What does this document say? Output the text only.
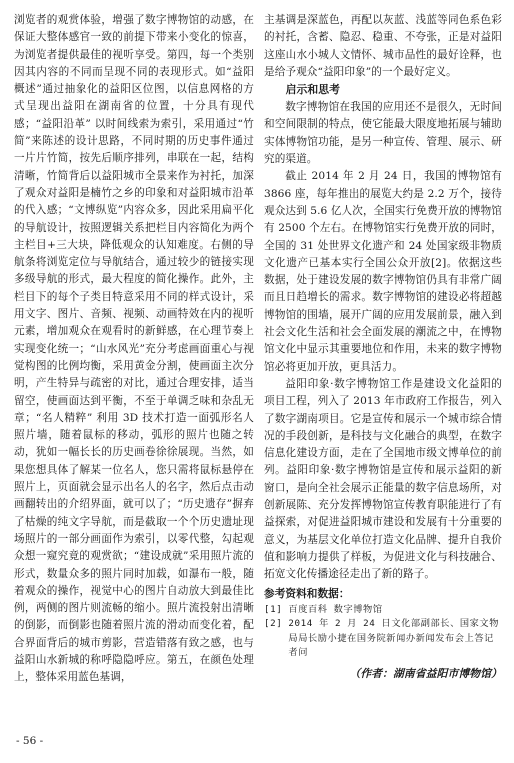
浏览者的观赏体验，增强了数字博物馆的动感，在保证大整体感官一致的前提下带来小变化的惊喜，为浏览者提供最佳的视听享受。第四，每一个类别因其内容的不同而呈现不同的表现形式。如“益阳概述”通过抽象化的益阳区位图，以信息网格的方式呈现出益阳在湖南省的位置，十分具有现代感；“益阳沿革” 以时间线索为索引，采用通过“竹简”来陈述的设计思路，不同时期的历史事件通过一片片竹简，按先后顺序排列，串联在一起，结构清晰，竹简背后以益阳城市全景来作为衬托，加深了观众对益阳是楠竹之乡的印象和对益阳城市沿革的代入感；“文博纵览”内容众多，因此采用扁平化的导航设计，按照逻辑关系把栏目内容简化为两个主栏目+三大块，降低观众的认知难度。右侧的导航条将浏览定位与导航结合，通过较少的链接实现多级导航的形式，最大程度的简化操作。此外，主栏目下的每个子类目特意采用不同的样式设计，采用文字、图片、音频、视频、动画特效在内的视听元素，增加观众在观看时的新鲜感，在心理节奏上实现变化统一；“山水风光”充分考虑画面重心与视觉构图的比例均衡，采用黄金分割，使画面主次分明，产生特异与疏密的对比，通过合理安排，适当留空，使画面达到平衡，不至于单调乏味和杂乱无章；“名人精粹” 利用 3D 技术打造一面弧形名人照片墙，随着鼠标的移动，弧形的照片也随之转动，犹如一幅长长的历史画卷徐徐展现。当然，如果您想具体了解某一位名人，您只需将鼠标悬停在照片上，页面就会显示出名人的名字，然后点击动画翻转出的介绍界面，就可以了；“历史遗存”摒弃了枯燥的纯文字导航，而是截取一个个历史遗址现场照片的一部分画面作为索引，以零代整，勾起观众想一窥究竟的观赏欲；“建设成就”采用照片流的形式，数量众多的照片同时加载，如瀑布一般，随着观众的操作，视觉中心的图片自动放大到最佳比例，两侧的图片则流畅的缩小。照片流投射出清晰的倒影，而倒影也随着照片流的滑动而变化着，配合界面背后的城市剪影，营造错落有致之感，也与益阳山水新城的称呼隐隐呼应。第五，在颜色处理上，整体采用蓝色基调，

主基调是深蓝色，再配以灰蓝、浅蓝等同色系色彩的衬托，含蓄、隐忍、稳重、不夸张，正是对益阳这座山水小城人文情怀、城市品性的最好诠释，也是给予观众“益阳印象”的一个最好定义。

启示和思考

数字博物馆在我国的应用还不是很久，无时间和空间限制的特点，使它能最大限度地拓展与辅助实体博物馆功能，是另一种宣传、管理、展示、研究的渠道。

截止 2014 年 2 月 24 日，我国的博物馆有 3866 座，每年推出的展览大约是 2.2 万个，接待观众达到 5.6 亿人次，全国实行免费开放的博物馆有 2500 个左右。在博物馆实行免费开放的同时，全国的 31 处世界文化遗产和 24 处国家级非物质文化遗产已基本实行全国公众开放[2]。依据这些数据，处于建设发展的数字博物馆仍具有非常广阔而且日趋增长的需求。数字博物馆的建设必将超越博物馆的围墙，展开广阔的应用发展前景，融入到社会文化生活和社会全面发展的潮流之中，在博物馆文化中显示其重要地位和作用，未来的数字博物馆必将更加开放，更具活力。

益阳印象·数字博物馆工作是建设文化益阳的项目工程，列入了 2013 年市政府工作报告，列入了数字湖南项目。它是宣传和展示一个城市综合情况的手段创新，是科技与文化融合的典型，在数字信息化建设方面，走在了全国地市级文博单位的前列。益阳印象·数字博物馆是宣传和展示益阳的新窗口，是向全社会展示正能量的数字信息场所，对创新展陈、充分发挥博物馆宣传教育职能进行了有益探索，对促进益阳城市建设和发展有十分重要的意义，为基层文化单位打造文化品牌、提升自我价值和影响力提供了样板，为促进文化与科技融合、拓宽文化传播途径走出了新的路子。

参考资料和数据：
[1] 百度百科 数字博物馆
[2] 2014 年 2 月 24 日文化部副部长、国家文物局局长励小捷在国务院新闻办新闻发布会上答记者问
（作者：湖南省益阳市博物馆）
- 56 -
